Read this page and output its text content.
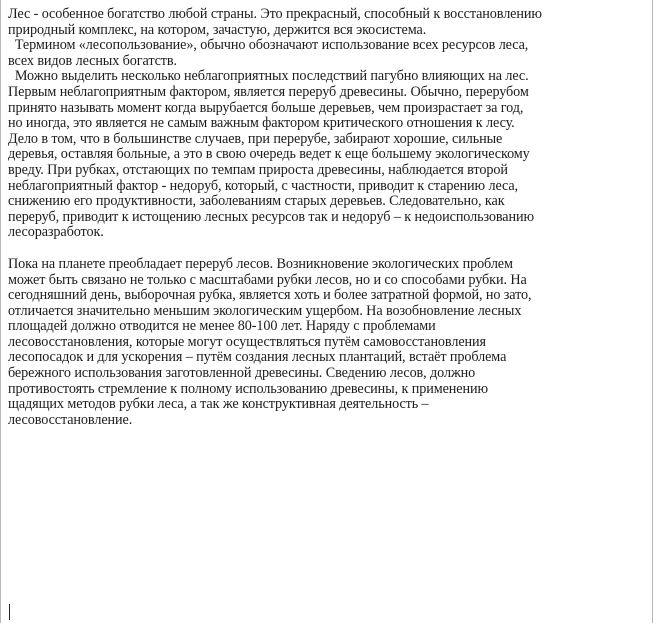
Лес - особенное богатство любой страны. Это прекрасный, способный к восстановлению
природный комплекс, на котором, зачастую, держится вся экосистема.
Термином «лесопользование», обычно обозначают использование всех ресурсов леса,
всех видов лесных богатств.
Можно выделить несколько неблагоприятных последствий пагубно влияющих на лес.
Первым неблагоприятным фактором, является переруб древесины. Обычно, перерубом
принято называть момент когда вырубается больше деревьев, чем произрастает за год,
но иногда, это является не самым важным фактором критического отношения к лесу.
Дело в том, что в большинстве случаев, при перерубе, забирают хорошие, сильные
деревья, оставляя больные, а это в свою очередь ведет к еще большему экологическому
вреду. При рубках, отстающих по темпам прироста древесины, наблюдается второй
неблагоприятный фактор - недоруб, который, с частности, приводит к старению леса,
снижению его продуктивности, заболеваниям старых деревьев. Следовательно, как
переруб, приводит к истощению лесных ресурсов так и недоруб – к недоиспользованию
лесоразработок.
Пока на планете преобладает переруб лесов. Возникновение экологических проблем
может быть связано не только с масштабами рубки лесов, но и со способами рубки. На
сегодняшний день, выборочная рубка, является хоть и более затратной формой, но зато,
отличается значительно меньшим экологическим ущербом. На возобновление лесных
площадей должно отводится не менее 80-100 лет. Наряду с проблемами
лесовосстановления, которые могут осуществляться путём самовосстановления
лесопосадок и для ускорения – путём создания лесных плантаций, встаёт проблема
бережного использования заготовленной древесины. Сведению лесов, должно
противостоять стремление к полному использованию древесины, к применению
щадящих методов рубки леса, а так же конструктивная деятельность –
лесовосстановление.
